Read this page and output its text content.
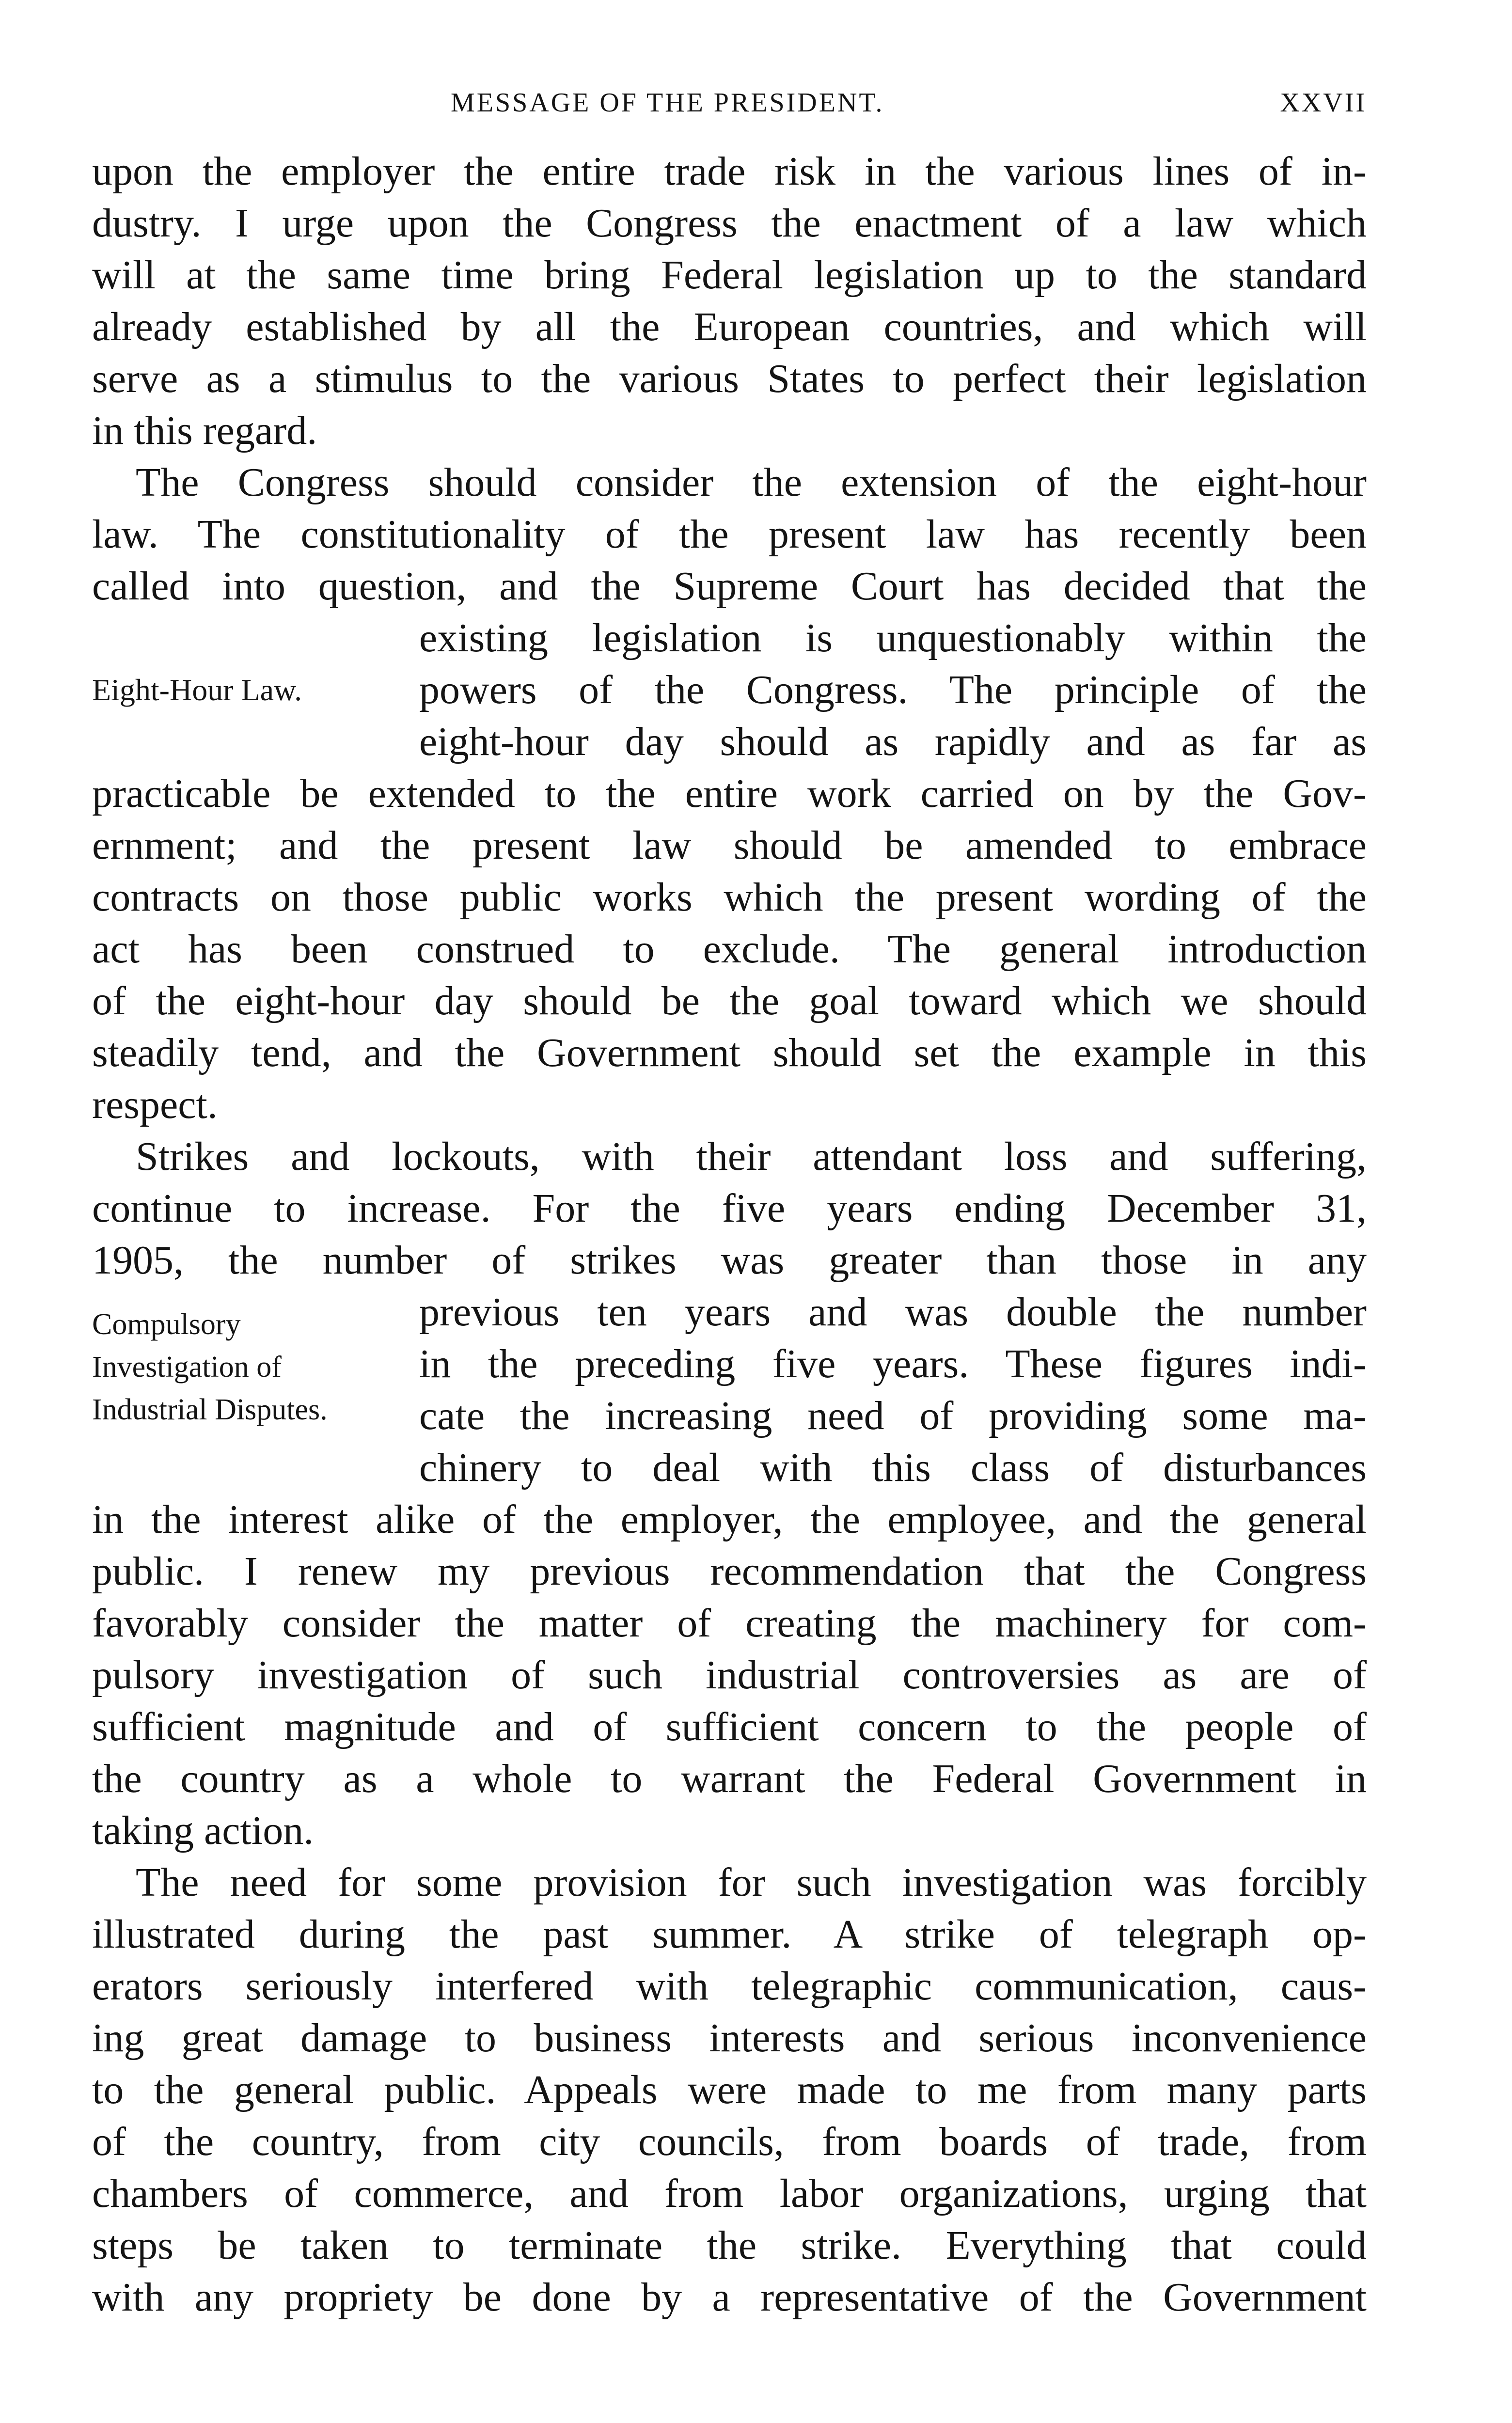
MESSAGE OF THE PRESIDENT.	XXVII
upon the employer the entire trade risk in the various lines of in-
dustry. I urge upon the Congress the enactment of a law which
will at the same time bring Federal legislation up to the standard
already established by all the European countries, and which will
serve as a stimulus to the various States to perfect their legislation
in this regard.
The Congress should consider the extension of the eight-hour
law. The constitutionality of the present law has recently been
called into question, and the Supreme Court has decided that the
existing legislation is unquestionably within the
Eight-Hour Law.	powers of the Congress. The principle of the
eight-hour day should as rapidly and as far as
practicable be extended to the entire work carried on by the Gov-
ernment; and the present law should be amended to embrace
contracts on those public works which the present wording of the
act has been construed to exclude. The general introduction
of the eight-hour day should be the goal toward which we should
steadily tend, and the Government should set the example in this
respect.
Strikes and lockouts, with their attendant loss and suffering,
continue to increase. For the five years ending December 31,
1905, the number of strikes was greater than those in any
Compulsory
Investigation of
Industrial Disputes.
previous ten years and was double the number
in the preceding five years. These figures indi-
cate the increasing need of providing some ma-
chinery to deal with this class of disturbances
in the interest alike of the employer, the employee, and the general
public. I renew my previous recommendation that the Congress
favorably consider the matter of creating the machinery for com-
pulsory investigation of such industrial controversies as are of
sufficient magnitude and of sufficient concern to the people of
the country as a whole to warrant the Federal Government in
taking action.
The need for some provision for such investigation was forcibly
illustrated during the past summer. A strike of telegraph op-
erators seriously interfered with telegraphic communication, caus-
ing great damage to business interests and serious inconvenience
to the general public. Appeals were made to me from many parts
of the country, from city councils, from boards of trade, from
chambers of commerce, and from labor organizations, urging that
steps be taken to terminate the strike. Everything that could
with any propriety be done by a representative of the Government
